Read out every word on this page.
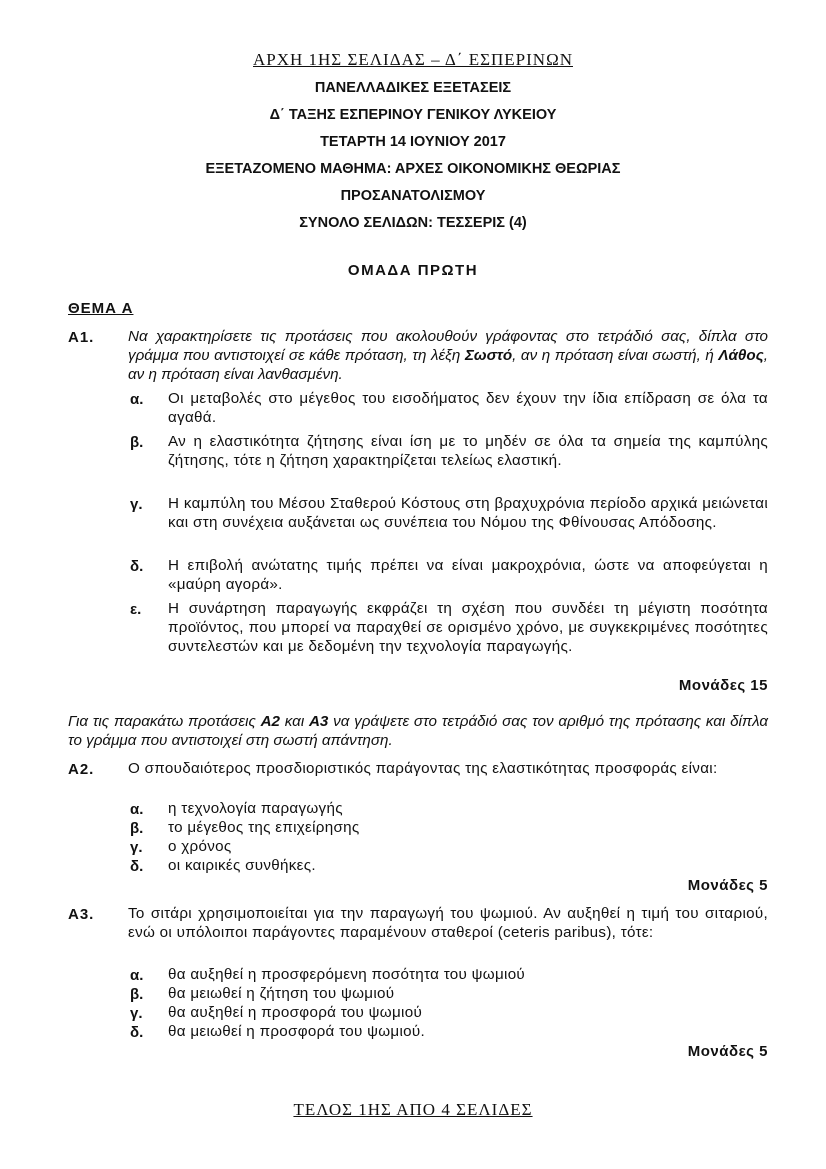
ΑΡΧΗ 1ΗΣ ΣΕΛΙΔΑΣ – Δ΄ ΕΣΠΕΡΙΝΩΝ
ΠΑΝΕΛΛΑΔΙΚΕΣ ΕΞΕΤΑΣΕΙΣ
Δ΄ ΤΑΞΗΣ ΕΣΠΕΡΙΝΟΥ ΓΕΝΙΚΟΥ ΛΥΚΕΙΟΥ
ΤΕΤΑΡΤΗ 14 ΙΟΥΝΙΟΥ 2017
ΕΞΕΤΑΖΟΜΕΝΟ ΜΑΘΗΜΑ: ΑΡΧΕΣ ΟΙΚΟΝΟΜΙΚΗΣ ΘΕΩΡΙΑΣ
ΠΡΟΣΑΝΑΤΟΛΙΣΜΟΥ
ΣΥΝΟΛΟ ΣΕΛΙΔΩΝ: ΤΕΣΣΕΡΙΣ (4)
ΟΜΑΔΑ ΠΡΩΤΗ
ΘΕΜΑ Α
Α1. Να χαρακτηρίσετε τις προτάσεις που ακολουθούν γράφοντας στο τετράδιό σας, δίπλα στο γράμμα που αντιστοιχεί σε κάθε πρόταση, τη λέξη Σωστό, αν η πρόταση είναι σωστή, ή Λάθος, αν η πρόταση είναι λανθασμένη.
α. Οι μεταβολές στο μέγεθος του εισοδήματος δεν έχουν την ίδια επίδραση σε όλα τα αγαθά.
β. Αν η ελαστικότητα ζήτησης είναι ίση με το μηδέν σε όλα τα σημεία της καμπύλης ζήτησης, τότε η ζήτηση χαρακτηρίζεται τελείως ελαστική.
γ. Η καμπύλη του Μέσου Σταθερού Κόστους στη βραχυχρόνια περίοδο αρχικά μειώνεται και στη συνέχεια αυξάνεται ως συνέπεια του Νόμου της Φθίνουσας Απόδοσης.
δ. Η επιβολή ανώτατης τιμής πρέπει να είναι μακροχρόνια, ώστε να αποφεύγεται η «μαύρη αγορά».
ε. Η συνάρτηση παραγωγής εκφράζει τη σχέση που συνδέει τη μέγιστη ποσότητα προϊόντος, που μπορεί να παραχθεί σε ορισμένο χρόνο, με συγκεκριμένες ποσότητες συντελεστών και με δεδομένη την τεχνολογία παραγωγής.
Μονάδες 15
Για τις παρακάτω προτάσεις Α2 και Α3 να γράψετε στο τετράδιό σας τον αριθμό της πρότασης και δίπλα το γράμμα που αντιστοιχεί στη σωστή απάντηση.
Α2. Ο σπουδαιότερος προσδιοριστικός παράγοντας της ελαστικότητας προσφοράς είναι:
α. η τεχνολογία παραγωγής
β. το μέγεθος της επιχείρησης
γ. ο χρόνος
δ. οι καιρικές συνθήκες.
Μονάδες 5
Α3. Το σιτάρι χρησιμοποιείται για την παραγωγή του ψωμιού. Αν αυξηθεί η τιμή του σιταριού, ενώ οι υπόλοιποι παράγοντες παραμένουν σταθεροί (ceteris paribus), τότε:
α. θα αυξηθεί η προσφερόμενη ποσότητα του ψωμιού
β. θα μειωθεί η ζήτηση του ψωμιού
γ. θα αυξηθεί η προσφορά του ψωμιού
δ. θα μειωθεί η προσφορά του ψωμιού.
Μονάδες 5
ΤΕΛΟΣ 1ΗΣ ΑΠΟ 4 ΣΕΛΙΔΕΣ
